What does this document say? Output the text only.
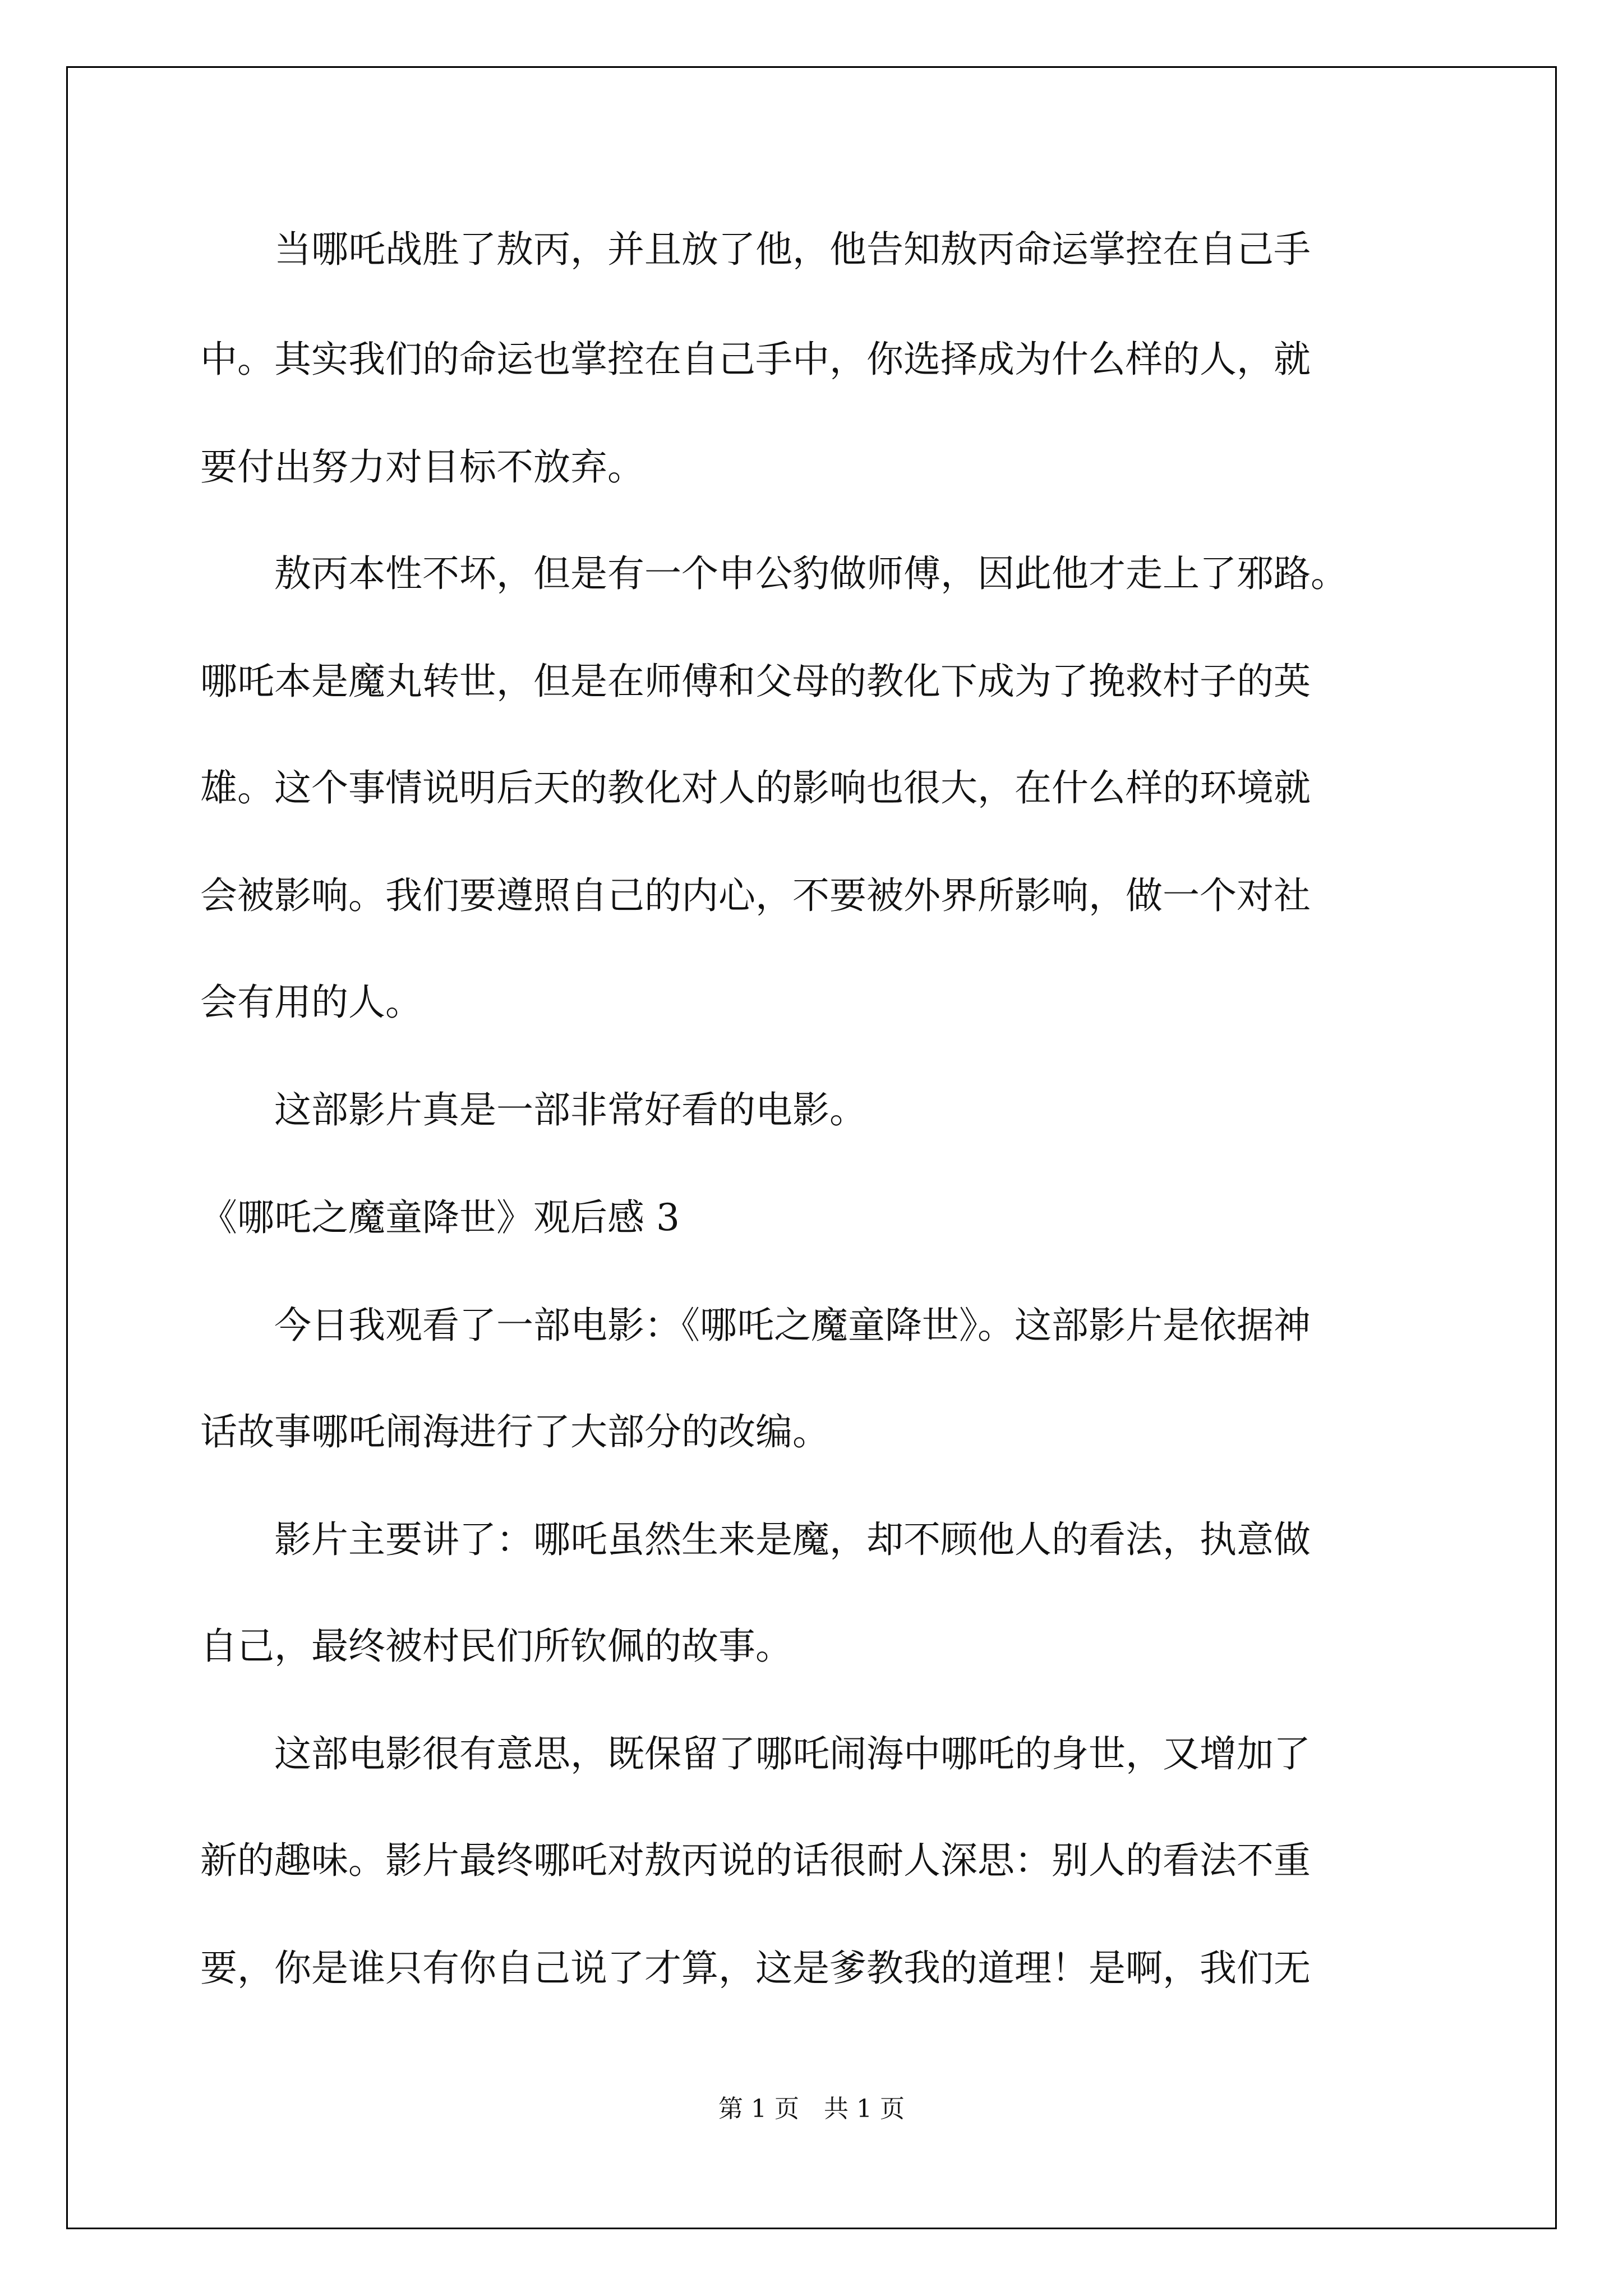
　　当哪吒战胜了敖丙，并且放了他，他告知敖丙命运掌控在自己手

中。其实我们的命运也掌控在自己手中，你选择成为什么样的人，就

要付出努力对目标不放弃。

　　敖丙本性不坏，但是有一个申公豹做师傅，因此他才走上了邪路。

哪吒本是魔丸转世，但是在师傅和父母的教化下成为了挽救村子的英

雄。这个事情说明后天的教化对人的影响也很大，在什么样的环境就

会被影响。我们要遵照自己的内心，不要被外界所影响，做一个对社

会有用的人。

　　这部影片真是一部非常好看的电影。

《哪吒之魔童降世》观后感 3

　　今日我观看了一部电影：《哪吒之魔童降世》。这部影片是依据神

话故事哪吒闹海进行了大部分的改编。

　　影片主要讲了：哪吒虽然生来是魔，却不顾他人的看法，执意做

自己，最终被村民们所钦佩的故事。

　　这部电影很有意思，既保留了哪吒闹海中哪吒的身世，又增加了

新的趣味。影片最终哪吒对敖丙说的话很耐人深思：别人的看法不重

要，你是谁只有你自己说了才算，这是爹教我的道理！是啊，我们无

第 1 页　共 1 页
